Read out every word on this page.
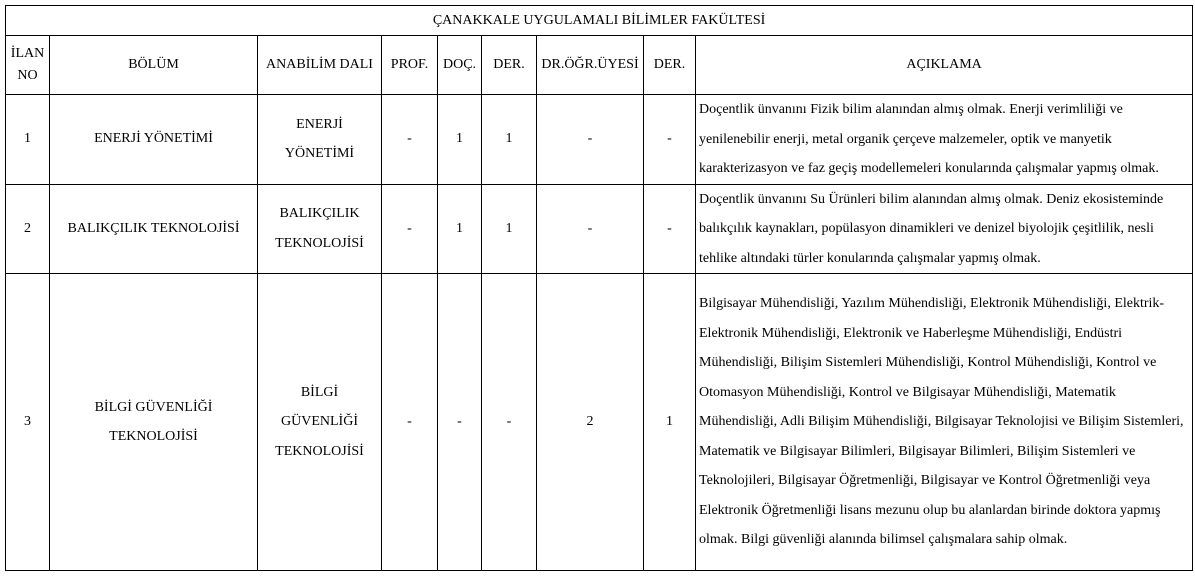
ÇANAKKALE UYGULAMALI BİLİMLER FAKÜLTESİ								
İLAN NO	BÖLÜM	ANABİLİM DALI	PROF.	DOÇ.	DER.	DR.ÖĞR.ÜYESİ	DER.	AÇIKLAMA
1	ENERJİ YÖNETİMİ	ENERJİ YÖNETİMİ	-	1	1	-	-	Doçentlik ünvanını Fizik bilim alanından almış olmak. Enerji verimliliği ve yenilenebilir enerji, metal organik çerçeve malzemeler, optik ve manyetik karakterizasyon ve faz geçiş modellemeleri konularında çalışmalar yapmış olmak.
2	BALIKÇILIK TEKNOLOJİSİ	BALIKÇILIK TEKNOLOJİSİ	-	1	1	-	-	Doçentlik ünvanını Su Ürünleri bilim alanından almış olmak. Deniz ekosisteminde balıkçılık kaynakları, popülasyon dinamikleri ve denizel biyolojik çeşitlilik, nesli tehlike altındaki türler konularında çalışmalar yapmış olmak.
3	BİLGİ GÜVENLİĞİ TEKNOLOJİSİ	BİLGİ GÜVENLİĞİ TEKNOLOJİSİ	-	-	-	2	1	Bilgisayar Mühendisliği, Yazılım Mühendisliği, Elektronik Mühendisliği, Elektrik-Elektronik Mühendisliği, Elektronik ve Haberleşme Mühendisliği, Endüstri Mühendisliği, Bilişim Sistemleri Mühendisliği, Kontrol Mühendisliği, Kontrol ve Otomasyon Mühendisliği, Kontrol ve Bilgisayar Mühendisliği, Matematik Mühendisliği, Adli Bilişim Mühendisliği, Bilgisayar Teknolojisi ve Bilişim Sistemleri, Matematik ve Bilgisayar Bilimleri, Bilgisayar Bilimleri, Bilişim Sistemleri ve Teknolojileri, Bilgisayar Öğretmenliği, Bilgisayar ve Kontrol Öğretmenliği veya Elektronik Öğretmenliği lisans mezunu olup bu alanlardan birinde doktora yapmış olmak. Bilgi güvenliği alanında bilimsel çalışmalara sahip olmak.
